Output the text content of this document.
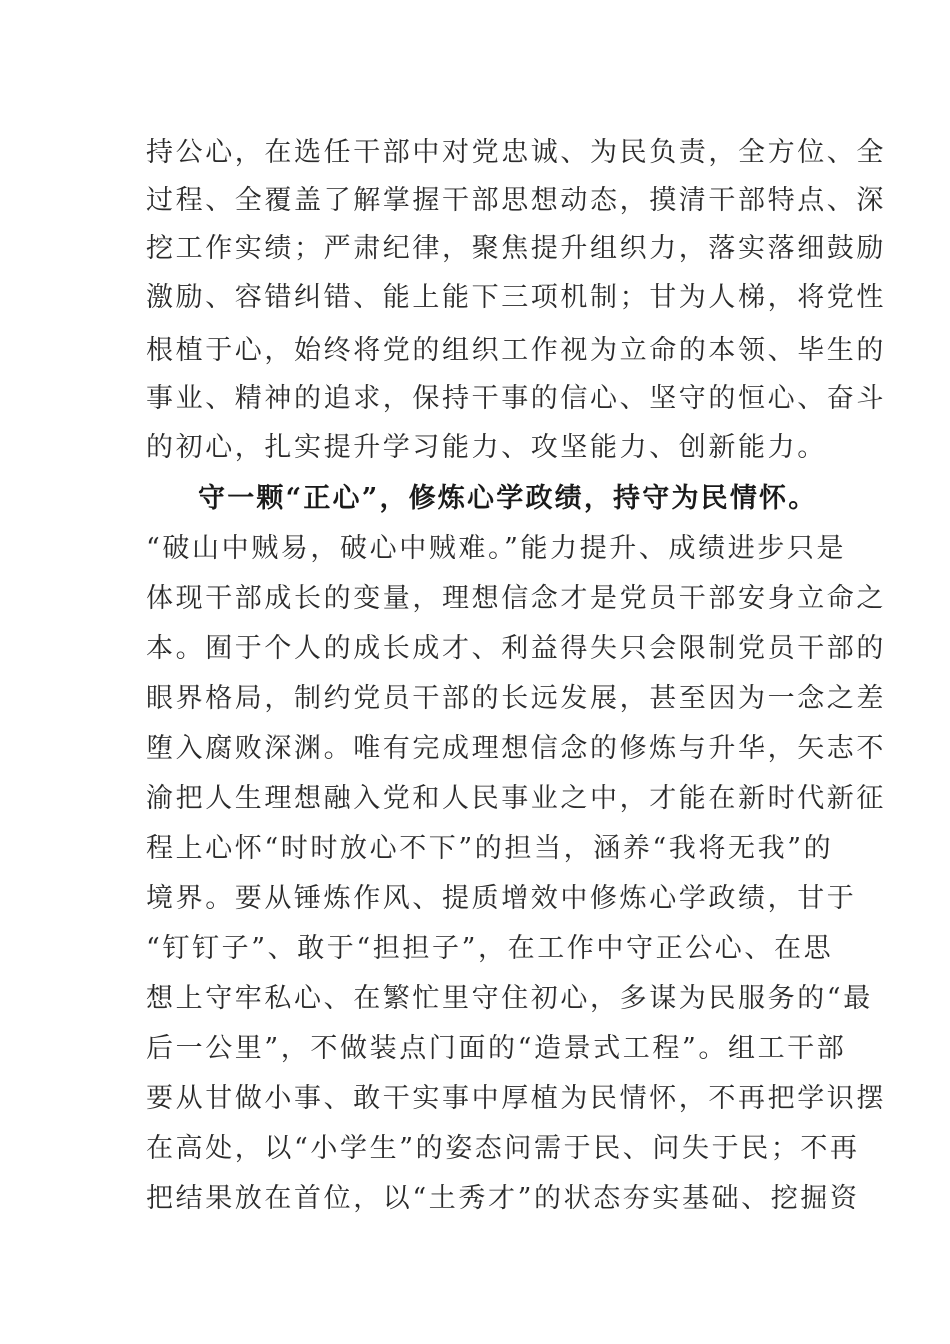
持公心，在选任干部中对党忠诚、为民负责，全方位、全
过程、全覆盖了解掌握干部思想动态，摸清干部特点、深
挖工作实绩；严肃纪律，聚焦提升组织力，落实落细鼓励
激励、容错纠错、能上能下三项机制；甘为人梯，将党性
根植于心，始终将党的组织工作视为立命的本领、毕生的
事业、精神的追求，保持干事的信心、坚守的恒心、奋斗
的初心，扎实提升学习能力、攻坚能力、创新能力。
守一颗“正心”，修炼心学政绩，持守为民情怀。
“破山中贼易，破心中贼难。”能力提升、成绩进步只是
体现干部成长的变量，理想信念才是党员干部安身立命之
本。囿于个人的成长成才、利益得失只会限制党员干部的
眼界格局，制约党员干部的长远发展，甚至因为一念之差
堕入腐败深渊。唯有完成理想信念的修炼与升华，矢志不
渝把人生理想融入党和人民事业之中，才能在新时代新征
程上心怀“时时放心不下”的担当，涵养“我将无我”的
境界。要从锤炼作风、提质增效中修炼心学政绩，甘于
“钉钉子”、敢于“担担子”，在工作中守正公心、在思
想上守牢私心、在繁忙里守住初心，多谋为民服务的“最
后一公里”，不做装点门面的“造景式工程”。组工干部
要从甘做小事、敢干实事中厚植为民情怀，不再把学识摆
在高处，以“小学生”的姿态问需于民、问失于民；不再
把结果放在首位，以“土秀才”的状态夯实基础、挖掘资
